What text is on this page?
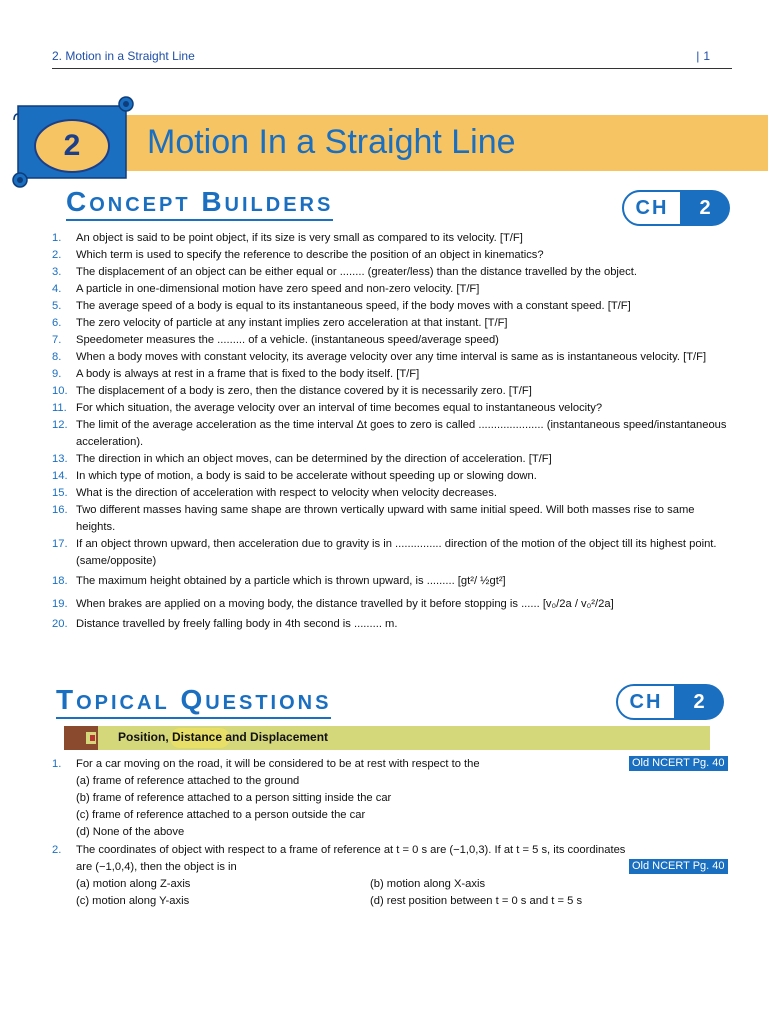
2. Motion in a Straight Line	| 1
2	Motion In a Straight Line
Concept Builders	CH	2
1. An object is said to be point object, if its size is very small as compared to its velocity. [T/F]
2. Which term is used to specify the reference to describe the position of an object in kinematics?
3. The displacement of an object can be either equal or ........ (greater/less) than the distance travelled by the object.
4. A particle in one-dimensional motion have zero speed and non-zero velocity. [T/F]
5. The average speed of a body is equal to its instantaneous speed, if the body moves with a constant speed. [T/F]
6. The zero velocity of particle at any instant implies zero acceleration at that instant. [T/F]
7. Speedometer measures the ......... of a vehicle. (instantaneous speed/average speed)
8. When a body moves with constant velocity, its average velocity over any time interval is same as is instantaneous velocity. [T/F]
9. A body is always at rest in a frame that is fixed to the body itself. [T/F]
10. The displacement of a body is zero, then the distance covered by it is necessarily zero. [T/F]
11. For which situation, the average velocity over an interval of time becomes equal to instantaneous velocity?
12. The limit of the average acceleration as the time interval Δt goes to zero is called ..................... (instantaneous speed/instantaneous acceleration).
13. The direction in which an object moves, can be determined by the direction of acceleration. [T/F]
14. In which type of motion, a body is said to be accelerate without speeding up or slowing down.
15. What is the direction of acceleration with respect to velocity when velocity decreases.
16. Two different masses having same shape are thrown vertically upward with same initial speed. Will both masses rise to same heights.
17. If an object thrown upward, then acceleration due to gravity is in ............... direction of the motion of the object till its highest point. (same/opposite)
18. The maximum height obtained by a particle which is thrown upward, is ......... [gt²/ ½gt²]
19. When brakes are applied on a moving body, the distance travelled by it before stopping is ...... [v₀/2a / v₀²/2a]
20. Distance travelled by freely falling body in 4th second is ......... m.
Topical Questions	CH	2
Position, Distance and Displacement
1. For a car moving on the road, it will be considered to be at rest with respect to the
(a) frame of reference attached to the ground
(b) frame of reference attached to a person sitting inside the car
(c) frame of reference attached to a person outside the car
(d) None of the above
Old NCERT Pg. 40
2. The coordinates of object with respect to a frame of reference at t = 0 s are (−1,0,3). If at t = 5 s, its coordinates
are (−1,0,4), then the object is in
(a) motion along Z-axis	(b) motion along X-axis
(c) motion along Y-axis	(d) rest position between t = 0 s and t = 5 s
Old NCERT Pg. 40
